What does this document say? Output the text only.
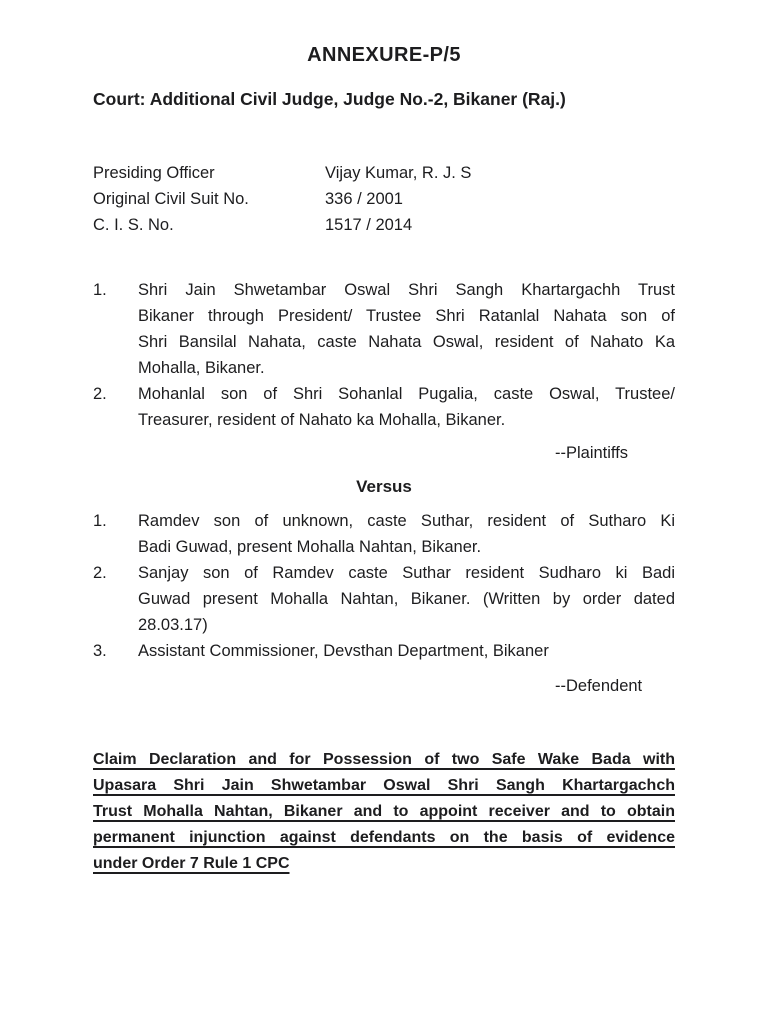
ANNEXURE-P/5
Court: Additional Civil Judge, Judge No.-2, Bikaner (Raj.)
Presiding Officer	Vijay Kumar, R. J. S
Original Civil Suit No.	336 / 2001
C. I. S. No.	1517 / 2014
1.	Shri Jain Shwetambar Oswal Shri Sangh Khartargachh Trust
Bikaner through President/ Trustee Shri Ratanlal Nahata son of
Shri Bansilal Nahata, caste Nahata Oswal, resident of Nahato Ka
Mohalla, Bikaner.
2.	Mohanlal son of Shri Sohanlal Pugalia, caste Oswal, Trustee/
Treasurer, resident of Nahato ka Mohalla, Bikaner.
--Plaintiffs
Versus
1.	Ramdev son of unknown, caste Suthar, resident of Sutharo Ki
Badi Guwad, present Mohalla Nahtan, Bikaner.
2.	Sanjay son of Ramdev caste Suthar resident Sudharo ki Badi
Guwad present Mohalla Nahtan, Bikaner. (Written by order dated
28.03.17)
3.	Assistant Commissioner, Devsthan Department, Bikaner
--Defendent
Claim Declaration and for Possession of two Safe Wake Bada with
Upasara Shri Jain Shwetambar Oswal Shri Sangh Khartargachch
Trust Mohalla Nahtan, Bikaner and to appoint receiver and to obtain
permanent injunction against defendants on the basis of evidence
under Order 7 Rule 1 CPC
